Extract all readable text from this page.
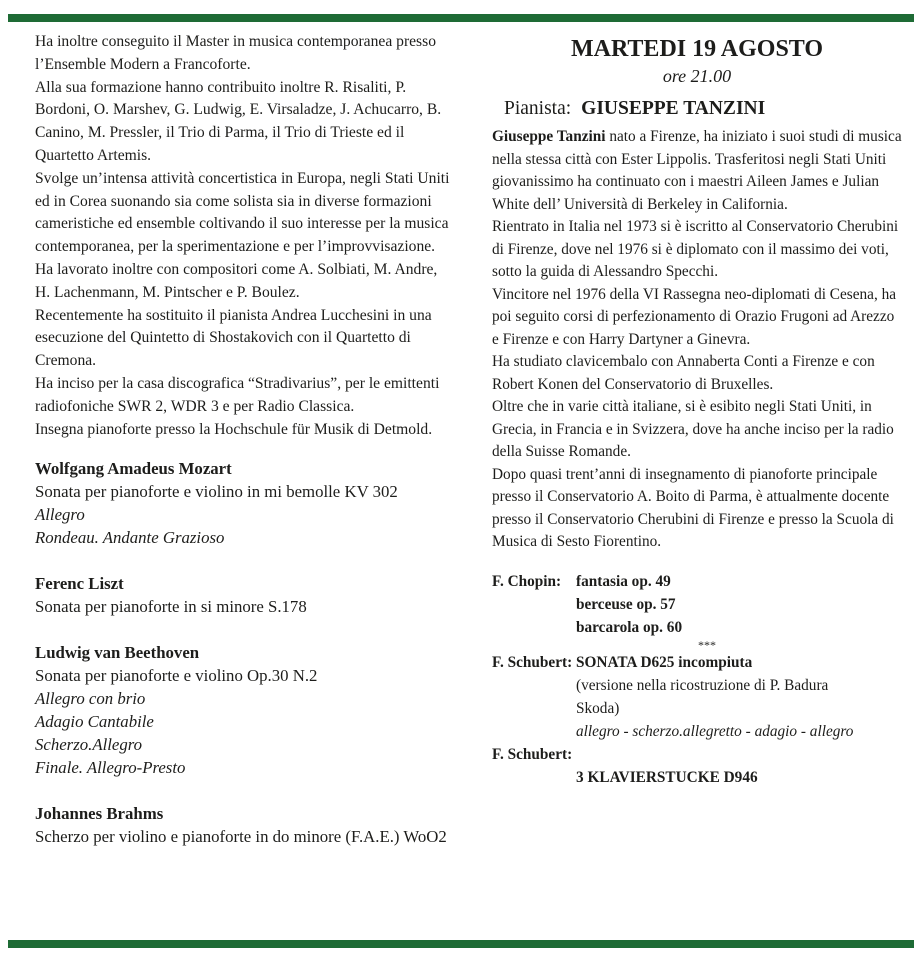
Ha inoltre conseguito il Master in musica contemporanea presso l’Ensemble Modern a Francoforte.

Alla sua formazione hanno contribuito inoltre R. Risaliti, P. Bordoni, O. Marshev, G. Ludwig, E. Virsaladze, J. Achucarro, B. Canino, M. Pressler, il Trio di Parma, il Trio di Trieste ed il Quartetto Artemis.

Svolge un’intensa attività concertistica in Europa, negli Stati Uniti ed in Corea suonando sia come solista sia in diverse formazioni cameristiche ed ensemble coltivando il suo interesse per la musica contemporanea, per la sperimentazione e per l’improvvisazione. Ha lavorato inoltre con compositori come A. Solbiati, M. Andre, H. Lachenmann, M. Pintscher e P. Boulez.

Recentemente ha sostituito il pianista Andrea Lucchesini in una esecuzione del Quintetto di Shostakovich con il Quartetto di Cremona.

Ha inciso per la casa discografica “Stradivarius”, per le emittenti radiofoniche SWR 2, WDR 3 e per Radio Classica.

Insegna pianoforte presso la Hochschule für Musik di Detmold.

Wolfgang Amadeus Mozart
Sonata per pianoforte e violino in mi bemolle KV 302
Allegro
Rondeau. Andante Grazioso
Ferenc Liszt
Sonata per pianoforte in si minore S.178
Ludwig van Beethoven
Sonata per pianoforte e violino Op.30 N.2
Allegro con brio
Adagio Cantabile
Scherzo.Allegro
Finale. Allegro-Presto
Johannes Brahms
Scherzo per violino e pianoforte in do minore (F.A.E.) WoO2
MARTEDI 19 AGOSTO
ore 21.00
Pianista: GIUSEPPE TANZINI

Giuseppe Tanzini nato a Firenze, ha iniziato i suoi studi di musica nella stessa città con Ester Lippolis. Trasferitosi negli Stati Uniti giovanissimo ha continuato con i maestri Aileen James e Julian White dell’ Università di Berkeley in California.

Rientrato in Italia nel 1973 si è iscritto al Conservatorio Cherubini di Firenze, dove nel 1976 si è diplomato con il massimo dei voti, sotto la guida di Alessandro Specchi.

Vincitore nel 1976 della VI Rassegna neo-diplomati di Cesena, ha poi seguito corsi di perfezionamento di Orazio Frugoni ad Arezzo e Firenze e con Harry Dartyner a Ginevra.

Ha studiato clavicembalo con Annaberta Conti a Firenze e con Robert Konen del Conservatorio di Bruxelles.

Oltre che in varie città italiane, si è esibito negli Stati Uniti, in Grecia, in Francia e in Svizzera, dove ha anche inciso per la radio della Suisse Romande.

Dopo quasi trent’anni di insegnamento di pianoforte principale presso il Conservatorio A. Boito di Parma, è attualmente docente presso il Conservatorio Cherubini di Firenze e presso la Scuola di Musica di Sesto Fiorentino.

F. Chopin: fantasia op. 49
berceuse op. 57
barcarola op. 60
***
F. Schubert: SONATA D625 incompiuta
(versione nella ricostruzione di P. Badura Skoda)
allegro - scherzo.allegretto - adagio - allegro
F. Schubert:
3 KLAVIERSTUCKE D946
